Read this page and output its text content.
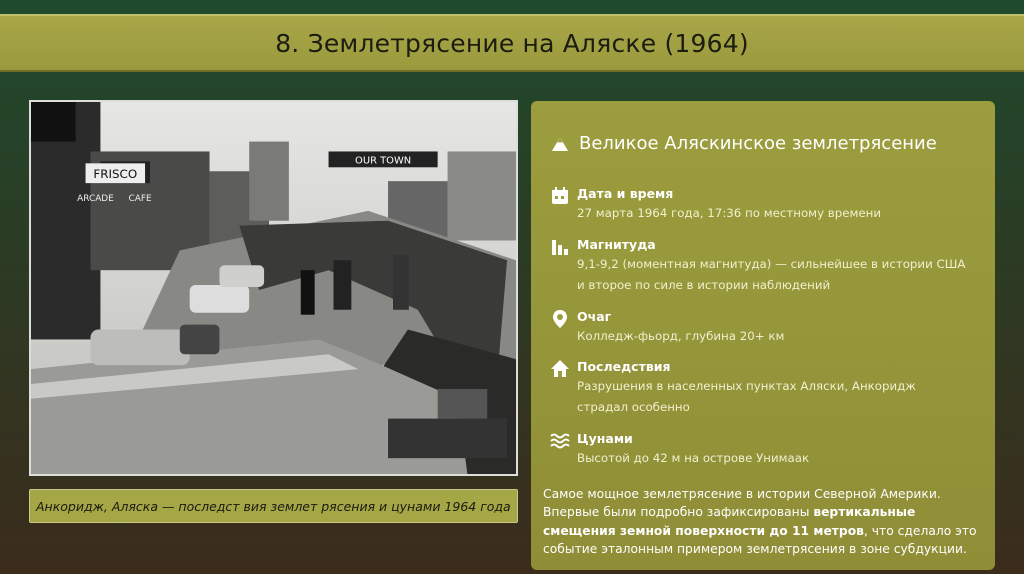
8. Землетрясение на Аляске (1964)
OUR TOWN
FRISCO
ARCADE CAFE
Анкоридж, Аляска — последст вия землет рясения и цунами 1964 года
Великое Аляскинское землетрясение
Дата и время
27 марта 1964 года, 17:36 по местному времени
Магнитуда
9,1-9,2 (моментная магнитуда) — сильнейшее в истории США и второе по силе в истории наблюдений
Очаг
Колледж-фьорд, глубина 20+ км
Последствия
Разрушения в населенных пунктах Аляски, Анкоридж страдал особенно
Цунами
Высотой до 42 м на острове Унимаак

Самое мощное землетрясение в истории Северной Америки. Впервые были подробно зафиксированы вертикальные смещения земной поверхности до 11 метров, что сделало это событие эталонным примером землетрясения в зоне субдукции.
